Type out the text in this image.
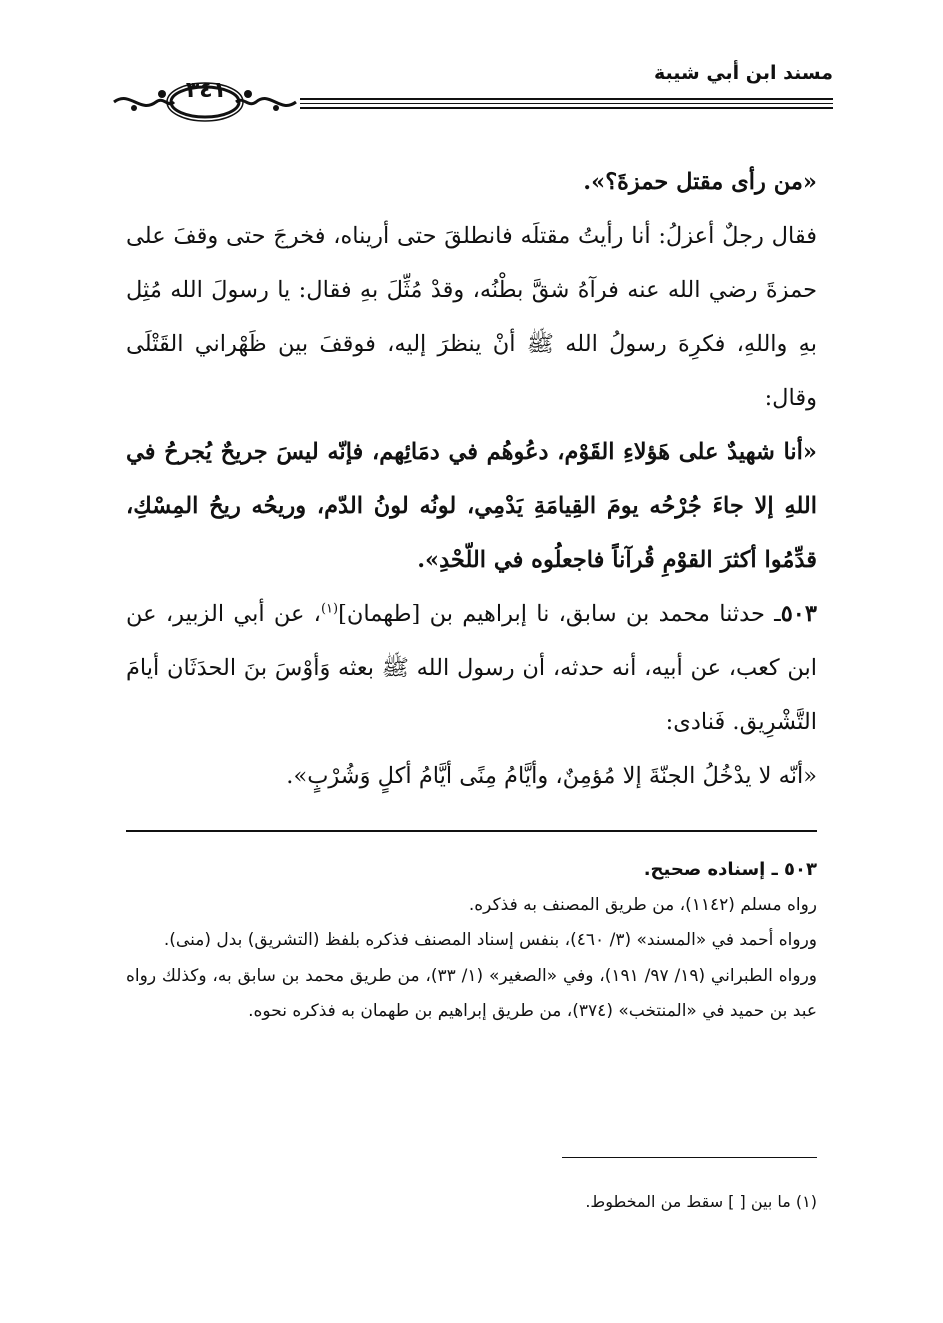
مسند ابن أبي شيبة
٣٤١

«من رأى مقتل حمزةَ؟».

فقال رجلٌ أعزلُ: أنا رأيتُ مقتلَه فانطلقَ حتى أريناه، فخرجَ حتى وقفَ على حمزةَ رضي الله عنه فرآهُ شقَّ بطْنُه، وقدْ مُثِّلَ بهِ فقال: يا رسولَ الله مُثِل بهِ واللهِ، فكرِهَ رسولُ الله ﷺ أنْ ينظرَ إليه، فوقفَ بين ظَهْراني القَتْلَى وقال:

«أنا شهيدٌ على هَؤلاءِ القَوْم، دعُوهُم في دمَائِهم، فإنّه ليسَ جريحٌ يُجرحُ في اللهِ إلا جاءَ جُرْحُه يومَ القِيامَةِ يَدْمِي، لونُه لونُ الدّم، وريحُه ريحُ المِسْكِ، قدِّمُوا أكثرَ القوْمِ قُرآناً فاجعلُوه في اللّحْدِ».

٥٠٣ـ حدثنا محمد بن سابق، نا إبراهيم بن [طهمان]$^{(١)}$، عن أبي الزبير، عن ابن كعب، عن أبيه، أنه حدثه، أن رسول الله ﷺ بعثه وَأوْسَ بنَ الحدَثَان أيامَ التَّشْرِيق. فَنادى:

«أنّه لا يدْخُلُ الجنّةَ إلا مُؤمِنٌ، وأيَّامُ مِنًى أيَّامُ أكلٍ وَشُرْبٍ».

٥٠٣ ـ إسناده صحيح.

رواه مسلم (١١٤٢)، من طريق المصنف به فذكره.

ورواه أحمد في «المسند» (٣/ ٤٦٠)، بنفس إسناد المصنف فذكره بلفظ (التشريق) بدل (منى).

ورواه الطبراني (١٩/ ٩٧/ ١٩١)، وفي «الصغير» (١/ ٣٣)، من طريق محمد بن سابق به، وكذلك رواه عبد بن حميد في «المنتخب» (٣٧٤)، من طريق إبراهيم بن طهمان به فذكره نحوه.

(١) ما بين [ ] سقط من المخطوط.
